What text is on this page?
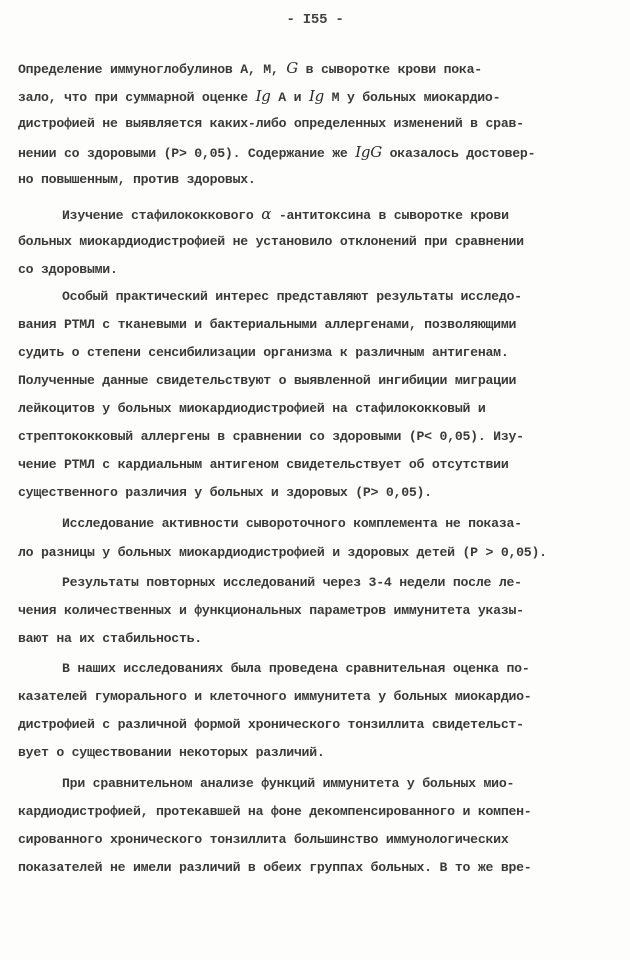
- I55 -
Определение иммуноглобулинов А, М, G в сыворотке крови пока-
зало, что при суммарной оценке Ig А и Ig М у больных миокардио-
дистрофией не выявляется каких-либо определенных изменений в срав-
нении со здоровыми (Р> 0,05). Содержание же IgG оказалось достовер-
но повышенным, против здоровых.
Изучение стафилококкового α -антитоксина в сыворотке крови
больных миокардиодистрофией не установило отклонений при сравнении
со здоровыми.
Особый практический интерес представляют результаты исследо-
вания РТМЛ с тканевыми и бактериальными аллергенами, позволяющими
судить о степени сенсибилизации организма к различным антигенам.
Полученные данные свидетельствуют о выявленной ингибиции миграции
лейкоцитов у больных миокардиодистрофией на стафилококковый и
стрептококковый аллергены в сравнении со здоровыми (Р< 0,05). Изу-
чение РТМЛ с кардиальным антигеном свидетельствует об отсутствии
существенного различия у больных и здоровых (Р> 0,05).
Исследование активности сывороточного комплемента не показа-
ло разницы у больных миокардиодистрофией и здоровых детей (Р > 0,05).
Результаты повторных исследований через 3-4 недели после ле-
чения количественных и функциональных параметров иммунитета указы-
вают на их стабильность.
В наших исследованиях была проведена сравнительная оценка по-
казателей гуморального и клеточного иммунитета у больных миокардио-
дистрофией с различной формой хронического тонзиллита свидетельст-
вует о существовании некоторых различий.
При сравнительном анализе функций иммунитета у больных мио-
кардиодистрофией, протекавшей на фоне декомпенсированного и компен-
сированного хронического тонзиллита большинство иммунологических
показателей не имели различий в обеих группах больных. В то же вре-
